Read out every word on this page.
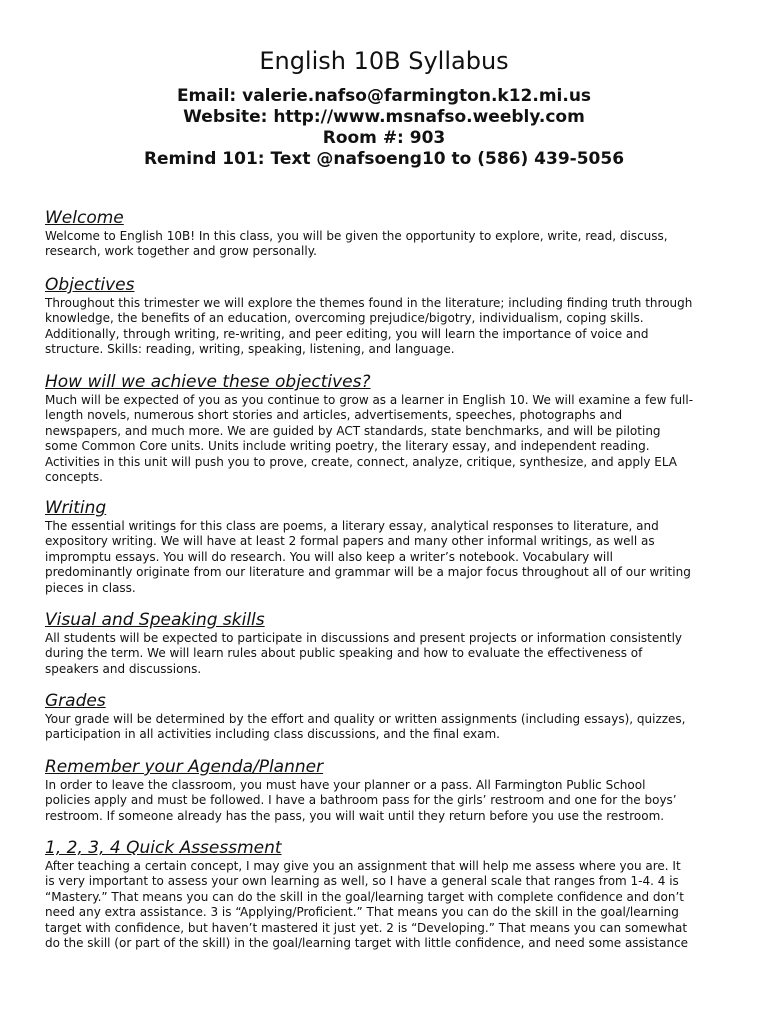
English 10B Syllabus
Email: valerie.nafso@farmington.k12.mi.us
Website: http://www.msnafso.weebly.com
Room #: 903
Remind 101: Text @nafsoeng10 to (586) 439-5056
Welcome

Welcome to English 10B! In this class, you will be given the opportunity to explore, write, read, discuss,
research, work together and grow personally.

Objectives

Throughout this trimester we will explore the themes found in the literature; including finding truth through
knowledge, the benefits of an education, overcoming prejudice/bigotry, individualism, coping skills.
Additionally, through writing, re-writing, and peer editing, you will learn the importance of voice and
structure. Skills: reading, writing, speaking, listening, and language.

How will we achieve these objectives?

Much will be expected of you as you continue to grow as a learner in English 10. We will examine a few full-
length novels, numerous short stories and articles, advertisements, speeches, photographs and
newspapers, and much more. We are guided by ACT standards, state benchmarks, and will be piloting
some Common Core units. Units include writing poetry, the literary essay, and independent reading.
Activities in this unit will push you to prove, create, connect, analyze, critique, synthesize, and apply ELA
concepts.

Writing

The essential writings for this class are poems, a literary essay, analytical responses to literature, and
expository writing. We will have at least 2 formal papers and many other informal writings, as well as
impromptu essays. You will do research. You will also keep a writer’s notebook. Vocabulary will
predominantly originate from our literature and grammar will be a major focus throughout all of our writing
pieces in class.

Visual and Speaking skills

All students will be expected to participate in discussions and present projects or information consistently
during the term. We will learn rules about public speaking and how to evaluate the effectiveness of
speakers and discussions.

Grades

Your grade will be determined by the effort and quality or written assignments (including essays), quizzes,
participation in all activities including class discussions, and the final exam.

Remember your Agenda/Planner

In order to leave the classroom, you must have your planner or a pass. All Farmington Public School
policies apply and must be followed. I have a bathroom pass for the girls’ restroom and one for the boys’
restroom. If someone already has the pass, you will wait until they return before you use the restroom.

1, 2, 3, 4 Quick Assessment

After teaching a certain concept, I may give you an assignment that will help me assess where you are. It
is very important to assess your own learning as well, so I have a general scale that ranges from 1-4. 4 is
“Mastery.” That means you can do the skill in the goal/learning target with complete confidence and don’t
need any extra assistance. 3 is “Applying/Proficient.” That means you can do the skill in the goal/learning
target with confidence, but haven’t mastered it just yet. 2 is “Developing.” That means you can somewhat
do the skill (or part of the skill) in the goal/learning target with little confidence, and need some assistance
